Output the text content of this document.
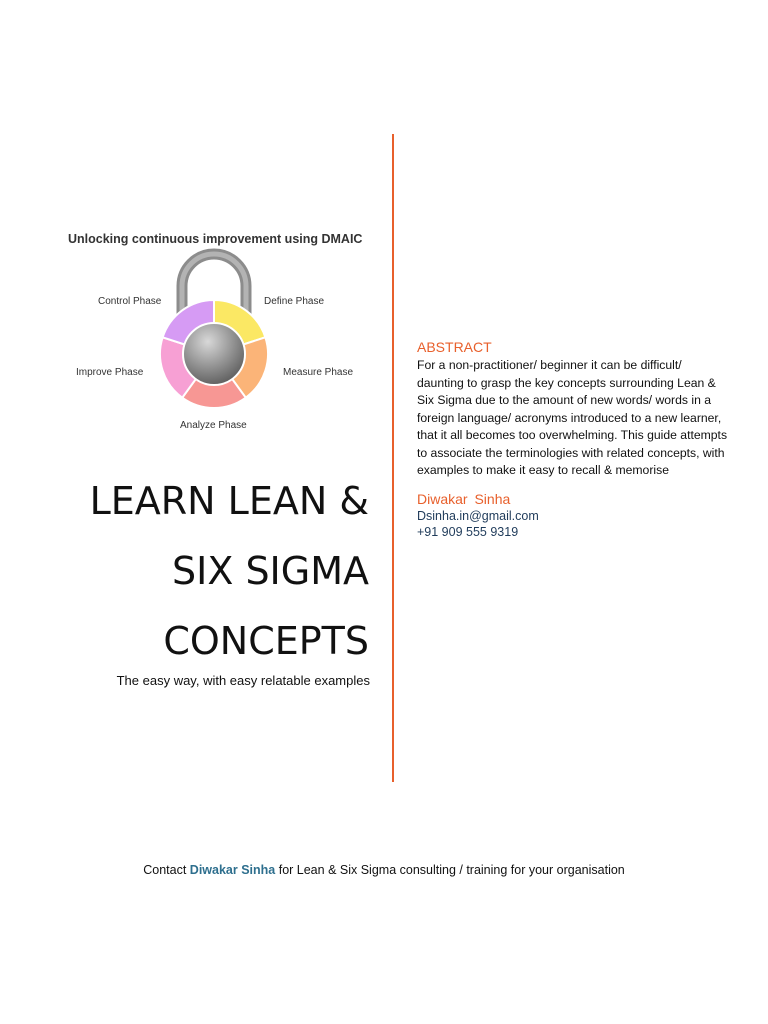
Unlocking continuous improvement using DMAIC
Control Phase	Define Phase
Measure Phase
Improve Phase
Analyze Phase
LEARN LEAN &
SIX SIGMA
CONCEPTS
The easy way, with easy relatable examples
ABSTRACT
For a non-practitioner/ beginner it can be difficult/ daunting to grasp the key concepts surrounding Lean & Six Sigma due to the amount of new words/ words in a foreign language/ acronyms introduced to a new learner, that it all becomes too overwhelming. This guide attempts to associate the terminologies with related concepts, with examples to make it easy to recall & memorise
Diwakar Sinha
Dsinha.in@gmail.com
+91 909 555 9319
Contact Diwakar Sinha for Lean & Six Sigma consulting / training for your organisation
